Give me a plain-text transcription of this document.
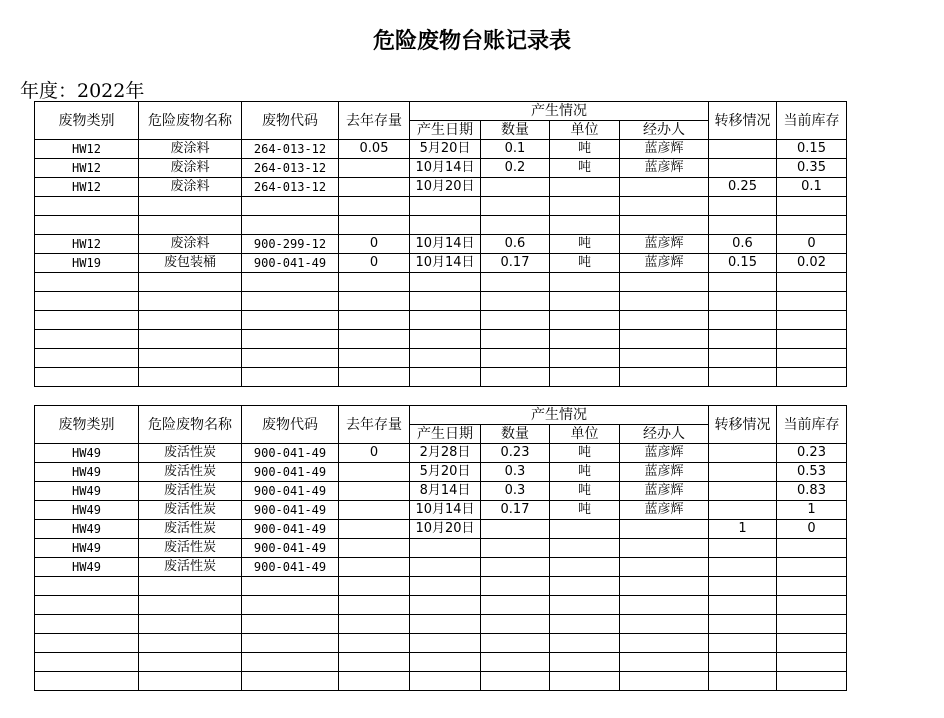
危险废物台账记录表
年度：2022年
废物类别	危险废物名称	废物代码	去年存量	产生情况				转移情况	当前库存
				产生日期	数量	单位	经办人		
HW12	废涂料	264-013-12	0.05	5月20日	0.1	吨	蓝彦辉		0.15
HW12	废涂料	264-013-12		10月14日	0.2	吨	蓝彦辉		0.35
HW12	废涂料	264-013-12		10月20日				0.25	0.1

HW12	废涂料	900-299-12	0	10月14日	0.6	吨	蓝彦辉	0.6	0
HW19	废包装桶	900-041-49	0	10月14日	0.17	吨	蓝彦辉	0.15	0.02

废物类别	危险废物名称	废物代码	去年存量	产生情况				转移情况	当前库存
				产生日期	数量	单位	经办人		
HW49	废活性炭	900-041-49	0	2月28日	0.23	吨	蓝彦辉		0.23
HW49	废活性炭	900-041-49		5月20日	0.3	吨	蓝彦辉		0.53
HW49	废活性炭	900-041-49		8月14日	0.3	吨	蓝彦辉		0.83
HW49	废活性炭	900-041-49		10月14日	0.17	吨	蓝彦辉		1
HW49	废活性炭	900-041-49		10月20日				1	0
HW49	废活性炭	900-041-49							
HW49	废活性炭	900-041-49							
